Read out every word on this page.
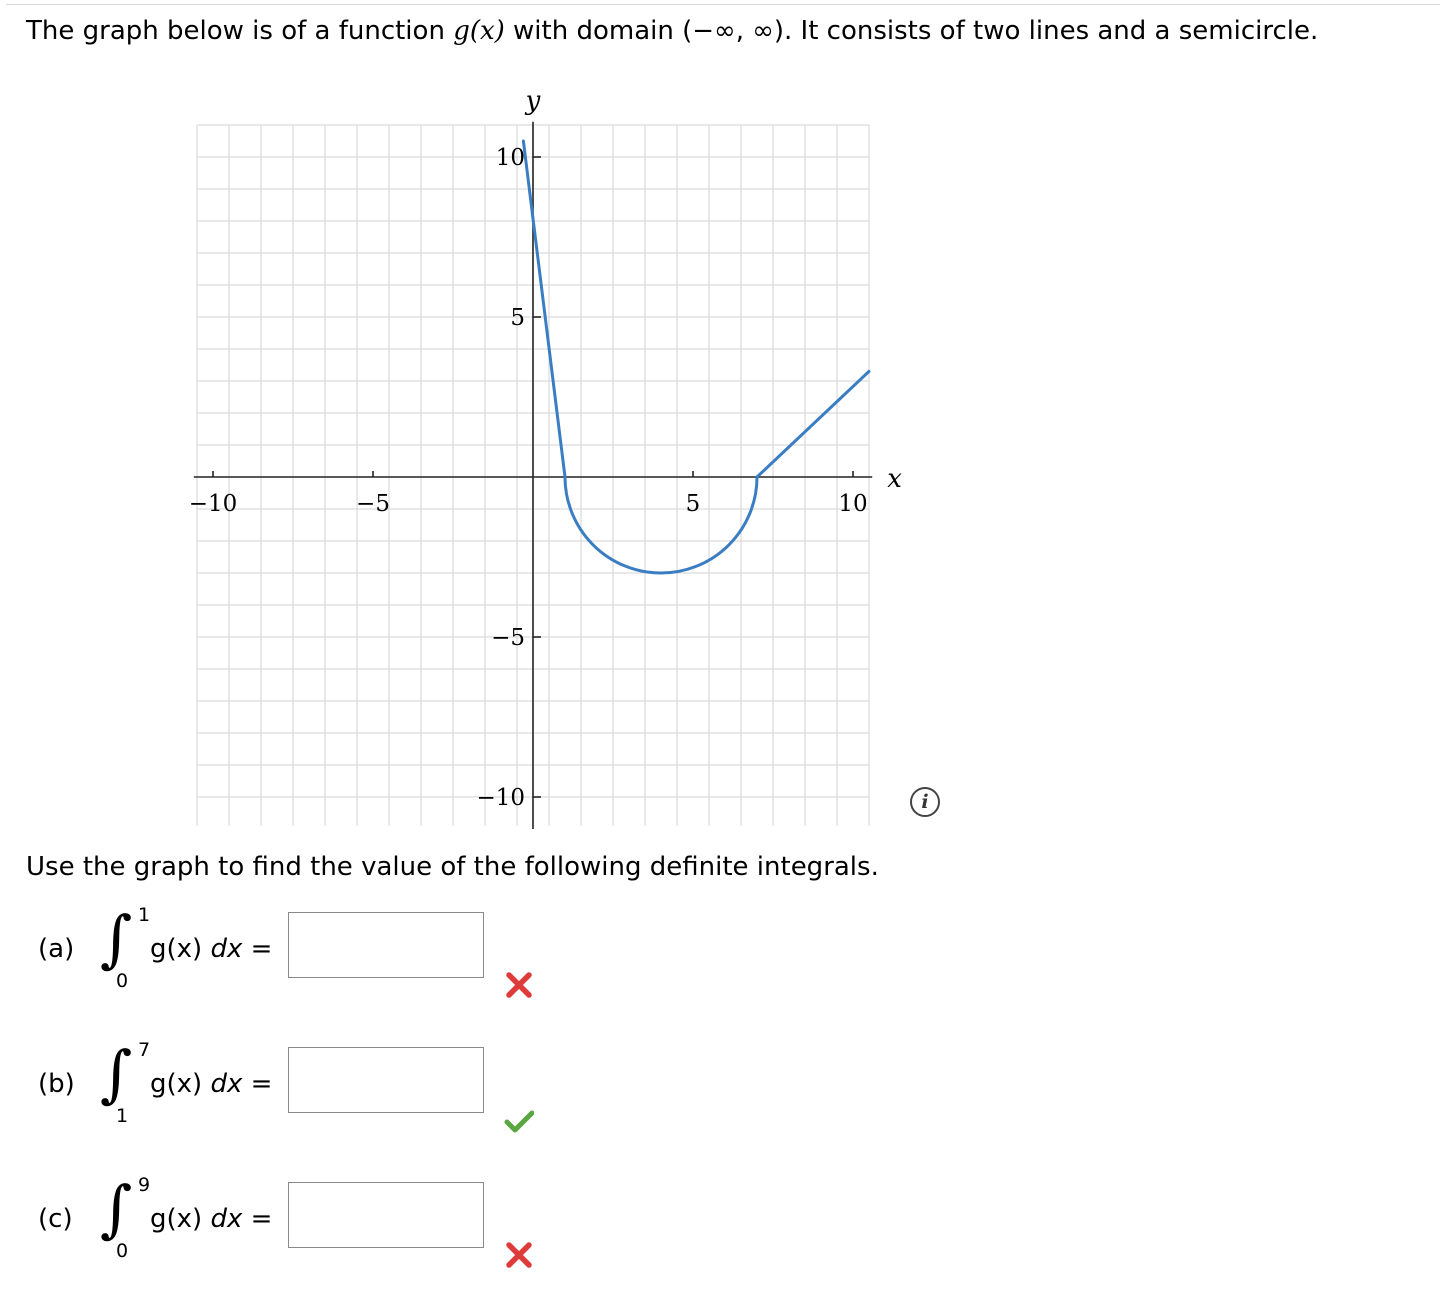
The graph below is of a function g(x) with domain (−∞, ∞). It consists of two lines and a semicircle.
−10	−5	5	10
10
5
−5
−10
x
y
i
Use the graph to find the value of the following definite integrals.
(a) ∫ 1
0
g(x) dx =
(b) ∫ 7
1
g(x) dx =
(c) ∫ 9
0
g(x) dx =
